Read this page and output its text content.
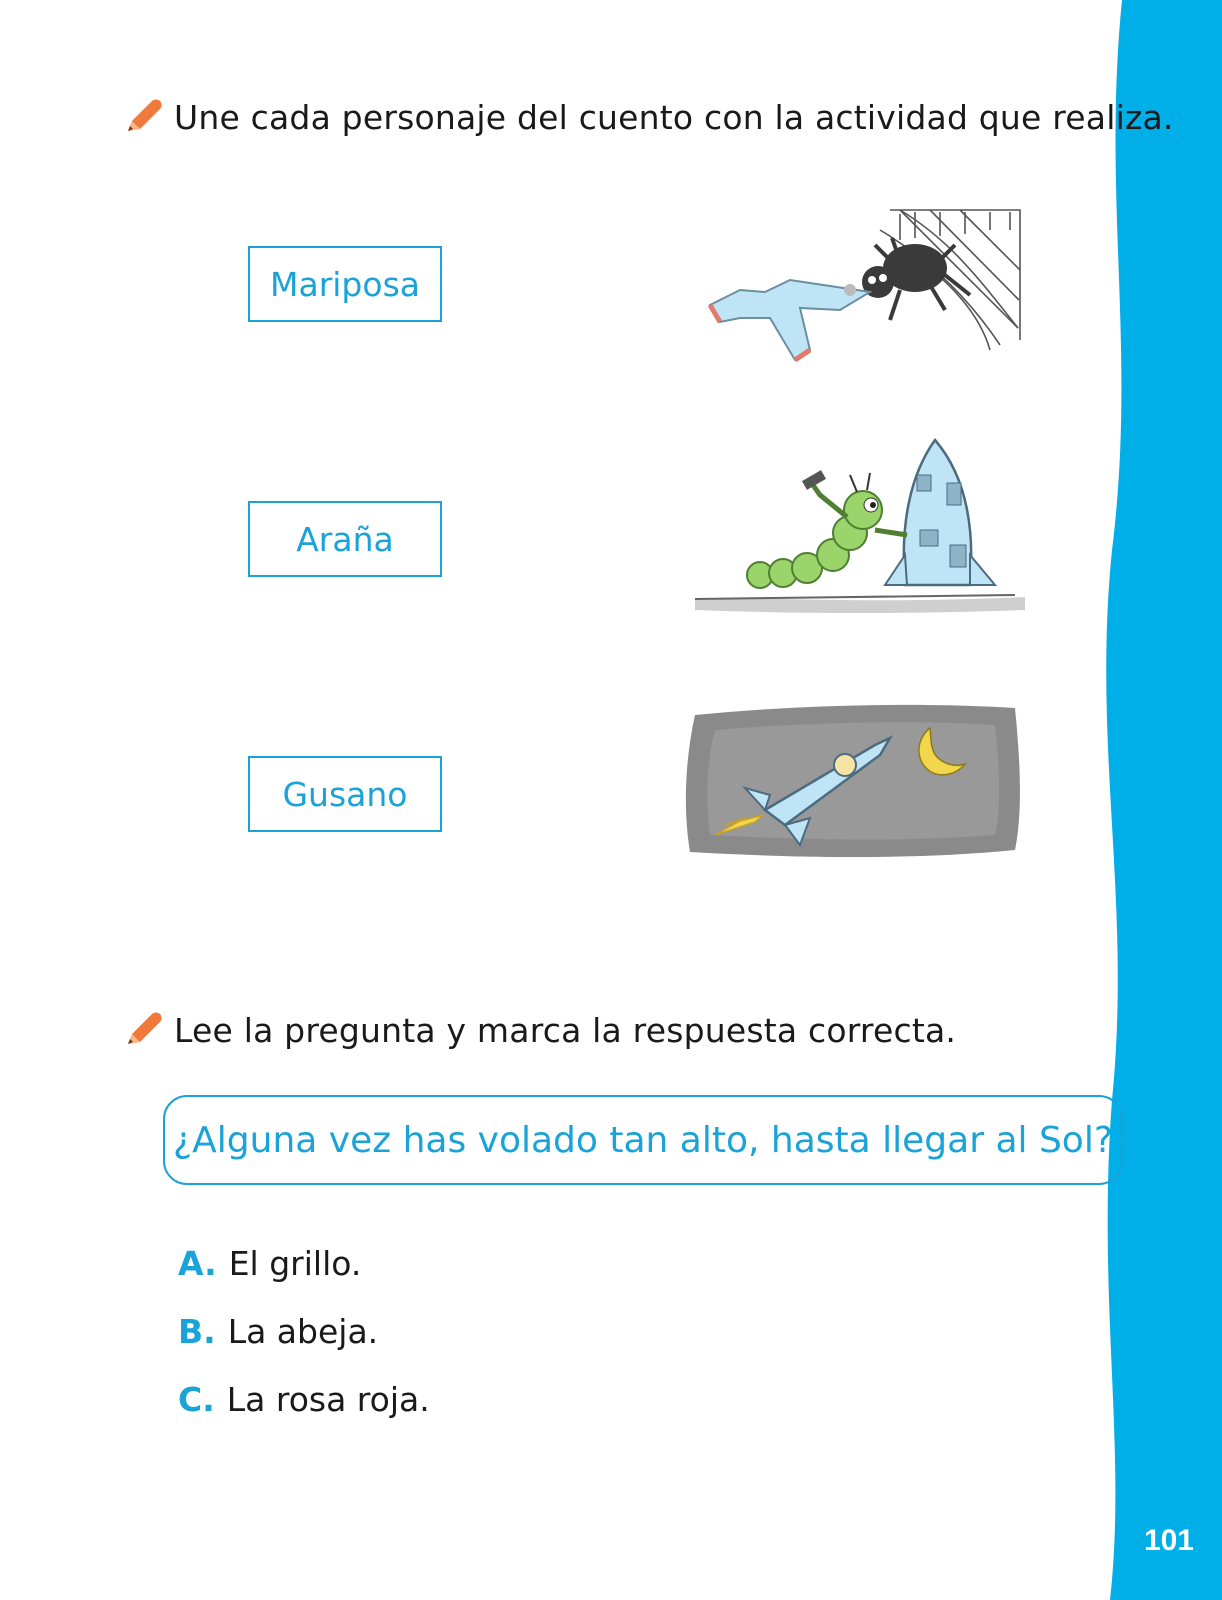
101
Une cada personaje del cuento con la actividad que realiza.
Mariposa
Araña
Gusano
Lee la pregunta y marca la respuesta correcta.
¿Alguna vez has volado tan alto, hasta llegar al Sol?
A. El grillo.
B. La abeja.
C. La rosa roja.
